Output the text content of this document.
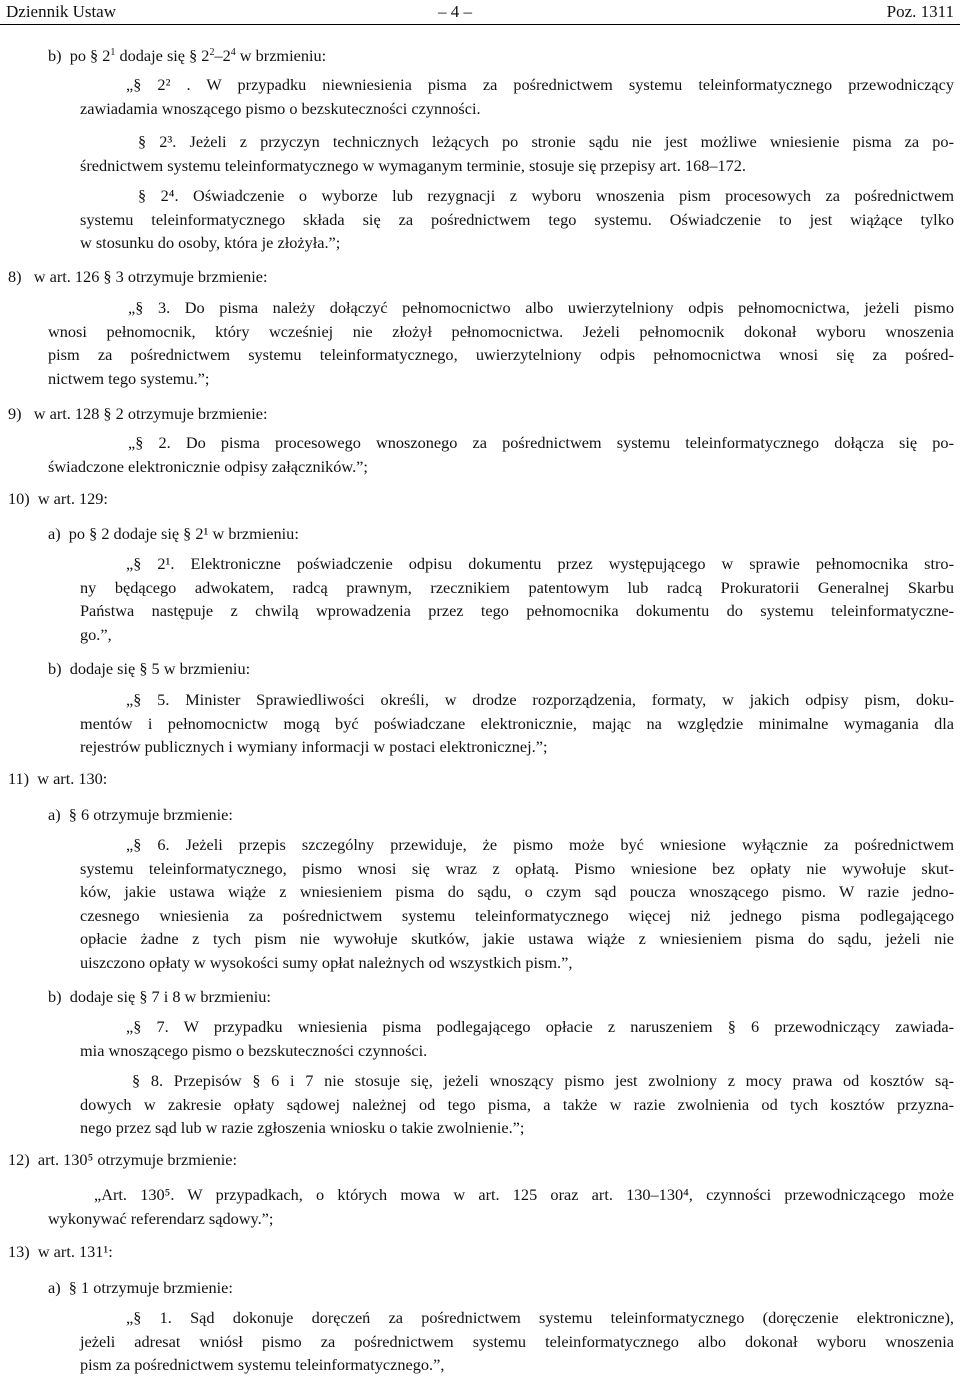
Dziennik Ustaw	– 4 –	Poz. 1311
b)  po § $2^1$ dodaje się § $2^2-2^4$ w brzmieniu:
„§ 2² . W przypadku niewniesienia pisma za pośrednictwem systemu teleinformatycznego przewodniczący
zawiadamia wnoszącego pismo o bezskuteczności czynności.
§ 2³. Jeżeli z przyczyn technicznych leżących po stronie sądu nie jest możliwe wniesienie pisma za po-
średnictwem systemu teleinformatycznego w wymaganym terminie, stosuje się przepisy art. 168–172.
§ 2⁴. Oświadczenie o wyborze lub rezygnacji z wyboru wnoszenia pism procesowych za pośrednictwem
systemu teleinformatycznego składa się za pośrednictwem tego systemu. Oświadczenie to jest wiążące tylko
w stosunku do osoby, która je złożyła.”;
8)   w art. 126 § 3 otrzymuje brzmienie:
„§ 3. Do pisma należy dołączyć pełnomocnictwo albo uwierzytelniony odpis pełnomocnictwa, jeżeli pismo
wnosi pełnomocnik, który wcześniej nie złożył pełnomocnictwa. Jeżeli pełnomocnik dokonał wyboru wnoszenia
pism za pośrednictwem systemu teleinformatycznego, uwierzytelniony odpis pełnomocnictwa wnosi się za pośred-
nictwem tego systemu.”;
9)   w art. 128 § 2 otrzymuje brzmienie:
„§ 2. Do pisma procesowego wnoszonego za pośrednictwem systemu teleinformatycznego dołącza się po-
świadczone elektronicznie odpisy załączników.”;
10)  w art. 129:
a)  po § 2 dodaje się § 2¹ w brzmieniu:
„§ 2¹. Elektroniczne poświadczenie odpisu dokumentu przez występującego w sprawie pełnomocnika stro-
ny będącego adwokatem, radcą prawnym, rzecznikiem patentowym lub radcą Prokuratorii Generalnej Skarbu
Państwa następuje z chwilą wprowadzenia przez tego pełnomocnika dokumentu do systemu teleinformatyczne-
go.”,
b)  dodaje się § 5 w brzmieniu:
„§ 5. Minister Sprawiedliwości określi, w drodze rozporządzenia, formaty, w jakich odpisy pism, doku-
mentów i pełnomocnictw mogą być poświadczane elektronicznie, mając na względzie minimalne wymagania dla
rejestrów publicznych i wymiany informacji w postaci elektronicznej.”;
11)  w art. 130:
a)  § 6 otrzymuje brzmienie:
„§ 6. Jeżeli przepis szczególny przewiduje, że pismo może być wniesione wyłącznie za pośrednictwem
systemu teleinformatycznego, pismo wnosi się wraz z opłatą. Pismo wniesione bez opłaty nie wywołuje skut-
ków, jakie ustawa wiąże z wniesieniem pisma do sądu, o czym sąd poucza wnoszącego pismo. W razie jedno-
czesnego wniesienia za pośrednictwem systemu teleinformatycznego więcej niż jednego pisma podlegającego
opłacie żadne z tych pism nie wywołuje skutków, jakie ustawa wiąże z wniesieniem pisma do sądu, jeżeli nie
uiszczono opłaty w wysokości sumy opłat należnych od wszystkich pism.”,
b)  dodaje się § 7 i 8 w brzmieniu:
„§ 7. W przypadku wniesienia pisma podlegającego opłacie z naruszeniem § 6 przewodniczący zawiada-
mia wnoszącego pismo o bezskuteczności czynności.
§ 8. Przepisów § 6 i 7 nie stosuje się, jeżeli wnoszący pismo jest zwolniony z mocy prawa od kosztów są-
dowych w zakresie opłaty sądowej należnej od tego pisma, a także w razie zwolnienia od tych kosztów przyzna-
nego przez sąd lub w razie zgłoszenia wniosku o takie zwolnienie.”;
12)  art. 130⁵ otrzymuje brzmienie:
„Art. 130⁵. W przypadkach, o których mowa w art. 125 oraz art. 130–130⁴, czynności przewodniczącego może
wykonywać referendarz sądowy.”;
13)  w art. 131¹:
a)  § 1 otrzymuje brzmienie:
„§ 1. Sąd dokonuje doręczeń za pośrednictwem systemu teleinformatycznego (doręczenie elektroniczne),
jeżeli adresat wniósł pismo za pośrednictwem systemu teleinformatycznego albo dokonał wyboru wnoszenia
pism za pośrednictwem systemu teleinformatycznego.”,
